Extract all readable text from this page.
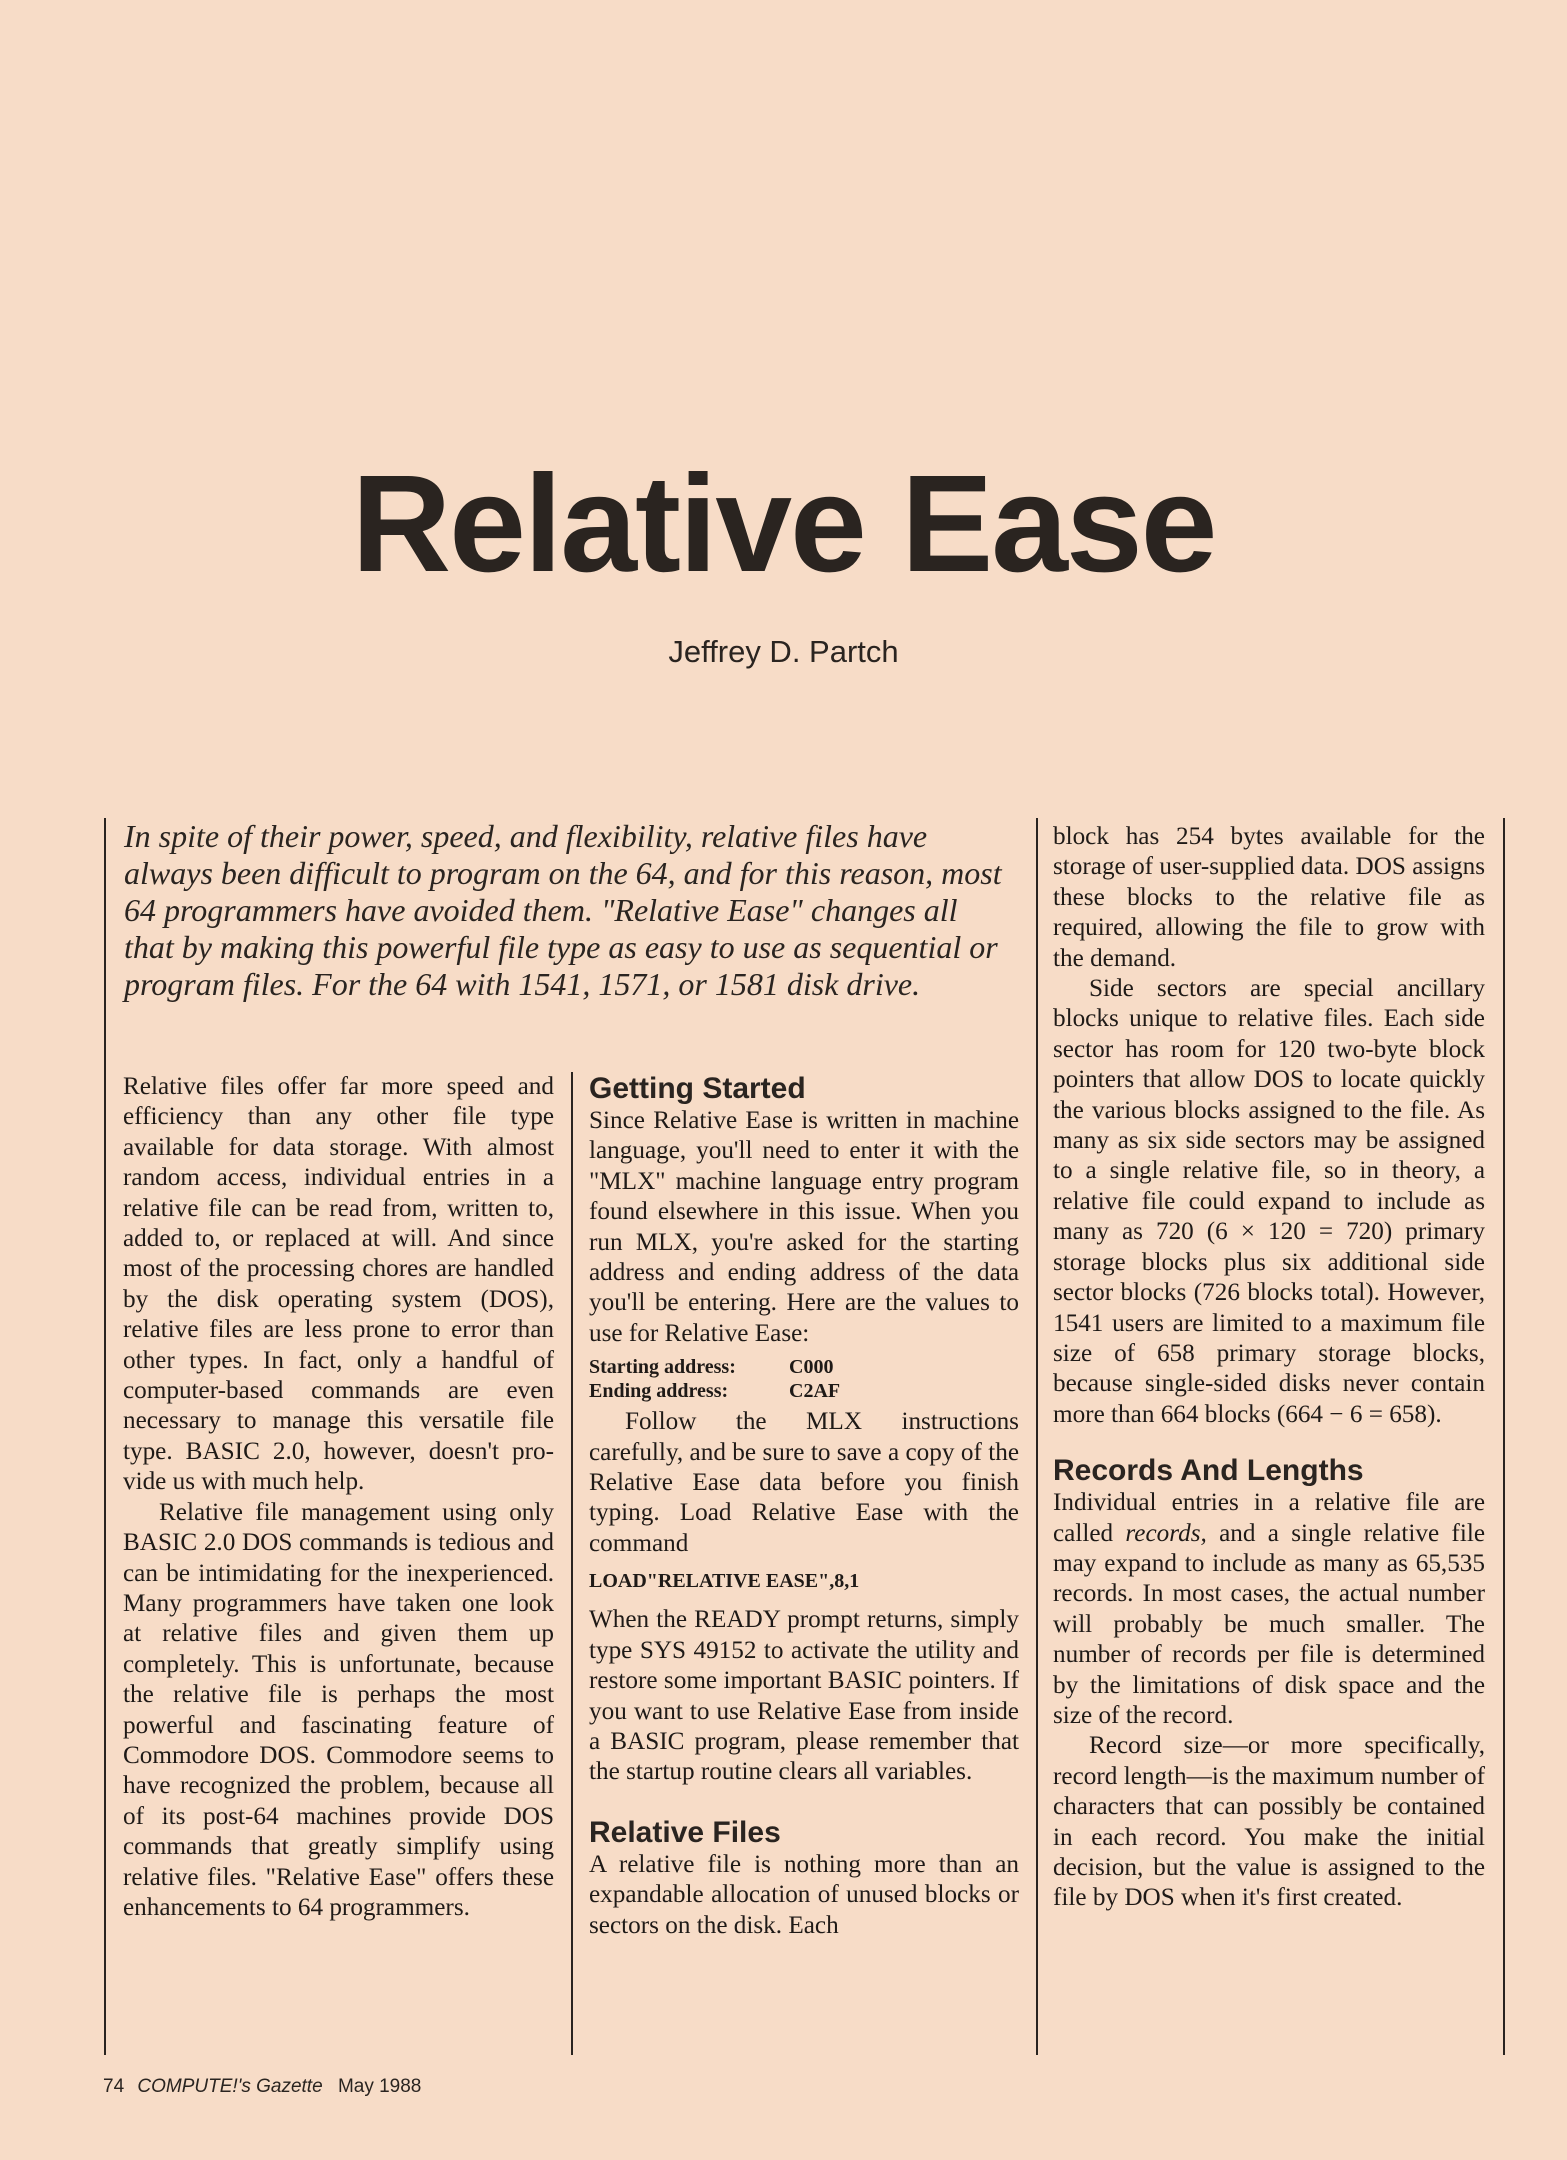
Relative Ease
Jeffrey D. Partch

In spite of their power, speed, and flexibility, relative files have always been difficult to program on the 64, and for this reason, most 64 programmers have avoided them. "Relative Ease" changes all that by making this powerful file type as easy to use as sequential or program files. For the 64 with 1541, 1571, or 1581 disk drive.

Relative files offer far more speed and efficiency than any other file type available for data storage. With almost random access, individual entries in a relative file can be read from, written to, added to, or replaced at will. And since most of the processing chores are handled by the disk operating system (DOS), relative files are less prone to error than other types. In fact, only a handful of computer-based commands are even necessary to manage this versatile file type. BASIC 2.0, however, doesn't provide us with much help.

Relative file management using only BASIC 2.0 DOS commands is tedious and can be intimidating for the inexperienced. Many programmers have taken one look at relative files and given them up completely. This is unfortunate, because the relative file is perhaps the most powerful and fascinating feature of Commodore DOS. Commodore seems to have recognized the problem, because all of its post-64 machines provide DOS commands that greatly simplify using relative files. "Relative Ease" offers these enhancements to 64 programmers.

Getting Started

Since Relative Ease is written in machine language, you'll need to enter it with the "MLX" machine language entry program found elsewhere in this issue. When you run MLX, you're asked for the starting address and ending address of the data you'll be entering. Here are the values to use for Relative Ease:

Starting address:	C000
Ending address:	C2AF

Follow the MLX instructions carefully, and be sure to save a copy of the Relative Ease data before you finish typing. Load Relative Ease with the command

LOAD"RELATIVE EASE",8,1

When the READY prompt returns, simply type SYS 49152 to activate the utility and restore some important BASIC pointers. If you want to use Relative Ease from inside a BASIC program, please remember that the startup routine clears all variables.

Relative Files

A relative file is nothing more than an expandable allocation of unused blocks or sectors on the disk. Each

block has 254 bytes available for the storage of user-supplied data. DOS assigns these blocks to the relative file as required, allowing the file to grow with the demand.

Side sectors are special ancillary blocks unique to relative files. Each side sector has room for 120 two-byte block pointers that allow DOS to locate quickly the various blocks assigned to the file. As many as six side sectors may be assigned to a single relative file, so in theory, a relative file could expand to include as many as 720 (6 × 120 = 720) primary storage blocks plus six additional side sector blocks (726 blocks total). However, 1541 users are limited to a maximum file size of 658 primary storage blocks, because single-sided disks never contain more than 664 blocks (664 − 6 = 658).

Records And Lengths

Individual entries in a relative file are called records, and a single relative file may expand to include as many as 65,535 records. In most cases, the actual number will probably be much smaller. The number of records per file is determined by the limitations of disk space and the size of the record.

Record size—or more specifically, record length—is the maximum number of characters that can possibly be contained in each record. You make the initial decision, but the value is assigned to the file by DOS when it's first created.

74 COMPUTE!'s Gazette May 1988
